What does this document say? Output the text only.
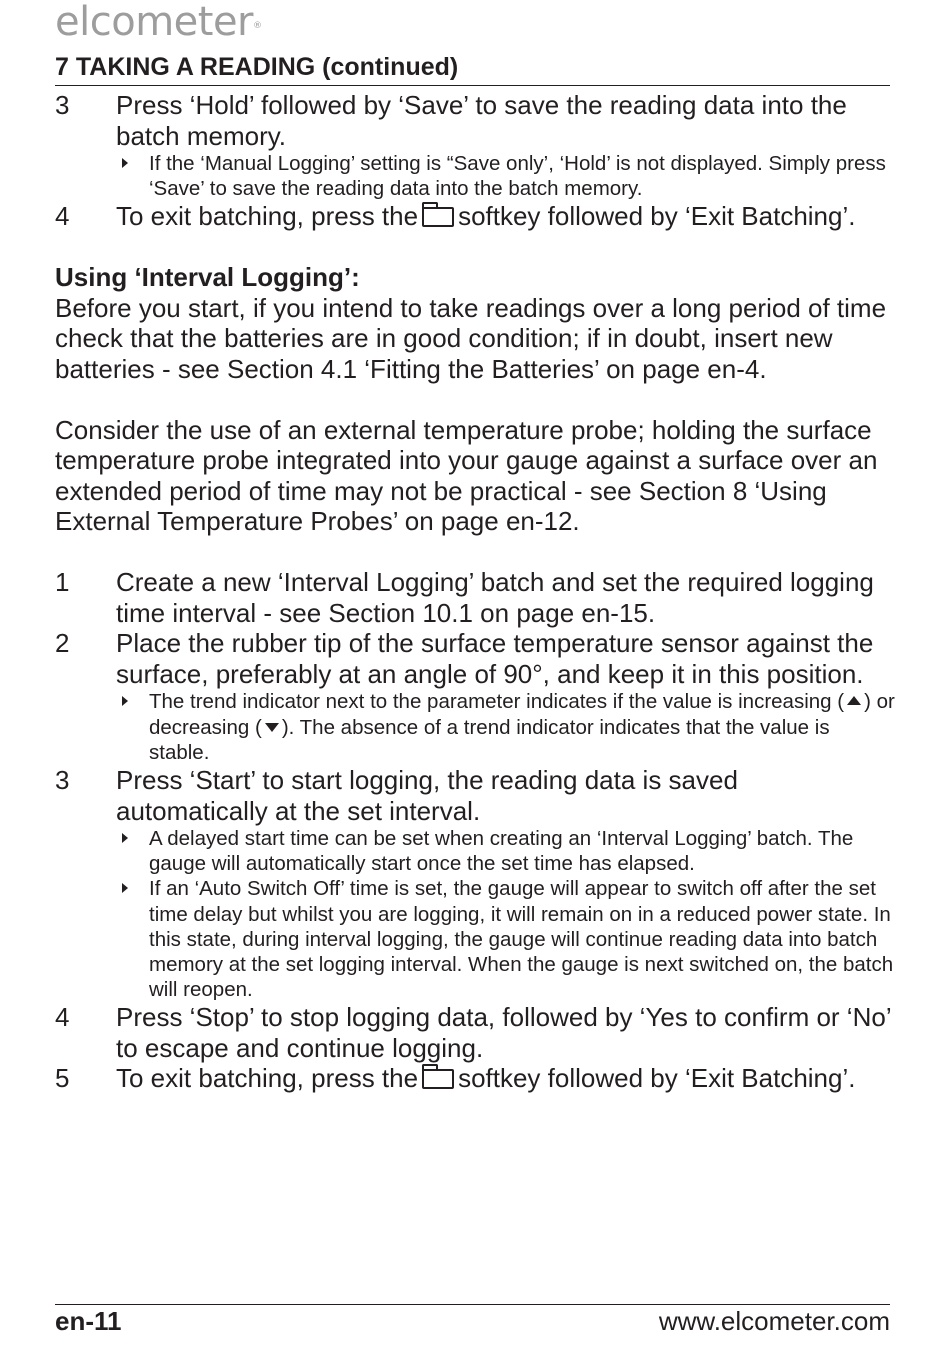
elcometer®
7 TAKING A READING (continued)
3 Press ‘Hold’ followed by ‘Save’ to save the reading data into the batch memory.
If the ‘Manual Logging’ setting is “Save only’, ‘Hold’ is not displayed. Simply press ‘Save’ to save the reading data into the batch memory.
4 To exit batching, press the softkey followed by ‘Exit Batching’.
Using ‘Interval Logging’:
Before you start, if you intend to take readings over a long period of time check that the batteries are in good condition; if in doubt, insert new batteries - see Section 4.1 ‘Fitting the Batteries’ on page en-4.
Consider the use of an external temperature probe; holding the surface temperature probe integrated into your gauge against a surface over an extended period of time may not be practical - see Section 8 ‘Using External Temperature Probes’ on page en-12.
1 Create a new ‘Interval Logging’ batch and set the required logging time interval - see Section 10.1 on page en-15.
2 Place the rubber tip of the surface temperature sensor against the surface, preferably at an angle of 90°, and keep it in this position.
The trend indicator next to the parameter indicates if the value is increasing ( ) or decreasing ( ). The absence of a trend indicator indicates that the value is stable.
3 Press ‘Start’ to start logging, the reading data is saved automatically at the set interval.
A delayed start time can be set when creating an ‘Interval Logging’ batch. The gauge will automatically start once the set time has elapsed.
If an ‘Auto Switch Off’ time is set, the gauge will appear to switch off after the set time delay but whilst you are logging, it will remain on in a reduced power state. In this state, during interval logging, the gauge will continue reading data into batch memory at the set logging interval. When the gauge is next switched on, the batch will reopen.
4 Press ‘Stop’ to stop logging data, followed by ‘Yes to confirm or ‘No’ to escape and continue logging.
5 To exit batching, press the softkey followed by ‘Exit Batching’.
en-11	www.elcometer.com
